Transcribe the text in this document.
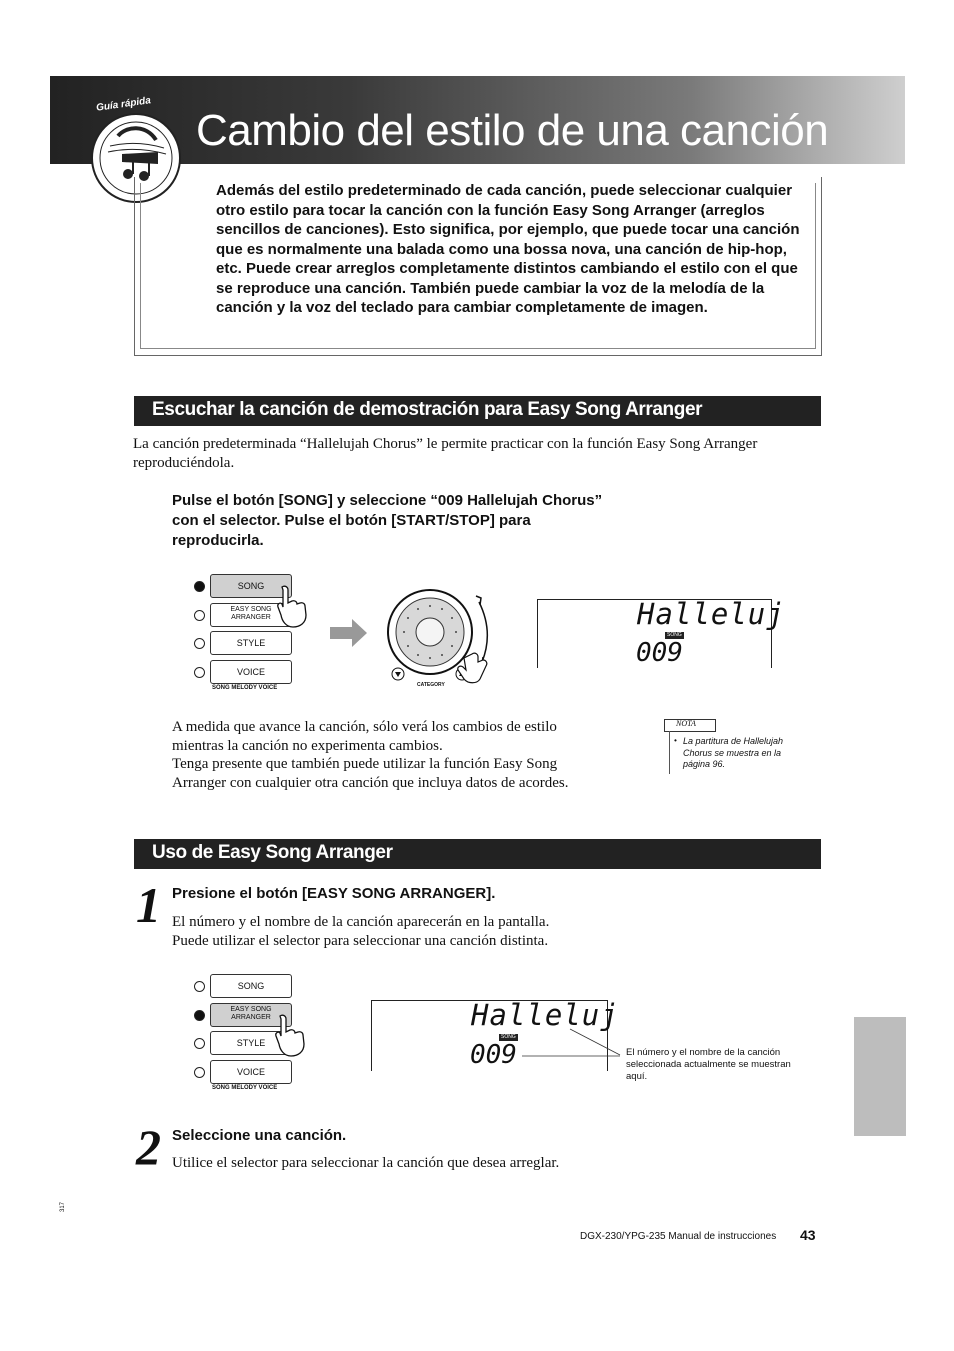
Guía rápida
Cambio del estilo de una canción
Además del estilo predeterminado de cada canción, puede seleccionar cualquier otro estilo para tocar la canción con la función Easy Song Arranger (arreglos sencillos de canciones). Esto significa, por ejemplo, que puede tocar una canción que es normalmente una balada como una bossa nova, una canción de hip-hop, etc. Puede crear arreglos completamente distintos cambiando el estilo con el que se reproduce una canción. También puede cambiar la voz de la melodía de la canción y la voz del teclado para cambiar completamente de imagen.
Escuchar la canción de demostración para Easy Song Arranger
La canción predeterminada “Hallelujah Chorus” le permite practicar con la función Easy Song Arranger reproduciéndola.
Pulse el botón [SONG] y seleccione “009 Hallelujah Chorus” con el selector. Pulse el botón [START/STOP] para reproducirla.
SONG
EASY SONG ARRANGER
STYLE
VOICE
SONG MELODY VOICE	CATEGORY
Halleluj
SONG
009
A medida que avance la canción, sólo verá los cambios de estilo
mientras la canción no experimenta cambios.
Tenga presente que también puede utilizar la función Easy Song
Arranger con cualquier otra canción que incluya datos de acordes.
NOTA
• La partitura de Hallelujah Chorus se muestra en la página 96.
Uso de Easy Song Arranger
1 Presione el botón [EASY SONG ARRANGER].
El número y el nombre de la canción aparecerán en la pantalla.
Puede utilizar el selector para seleccionar una canción distinta.
SONG
EASY SONG ARRANGER
STYLE
VOICE
SONG MELODY VOICE
Halleluj
SONG
009	El número y el nombre de la canción seleccionada actualmente se muestran aquí.
2 Seleccione una canción.
Utilice el selector para seleccionar la canción que desea arreglar.
317
DGX-230/YPG-235 Manual de instrucciones 43
